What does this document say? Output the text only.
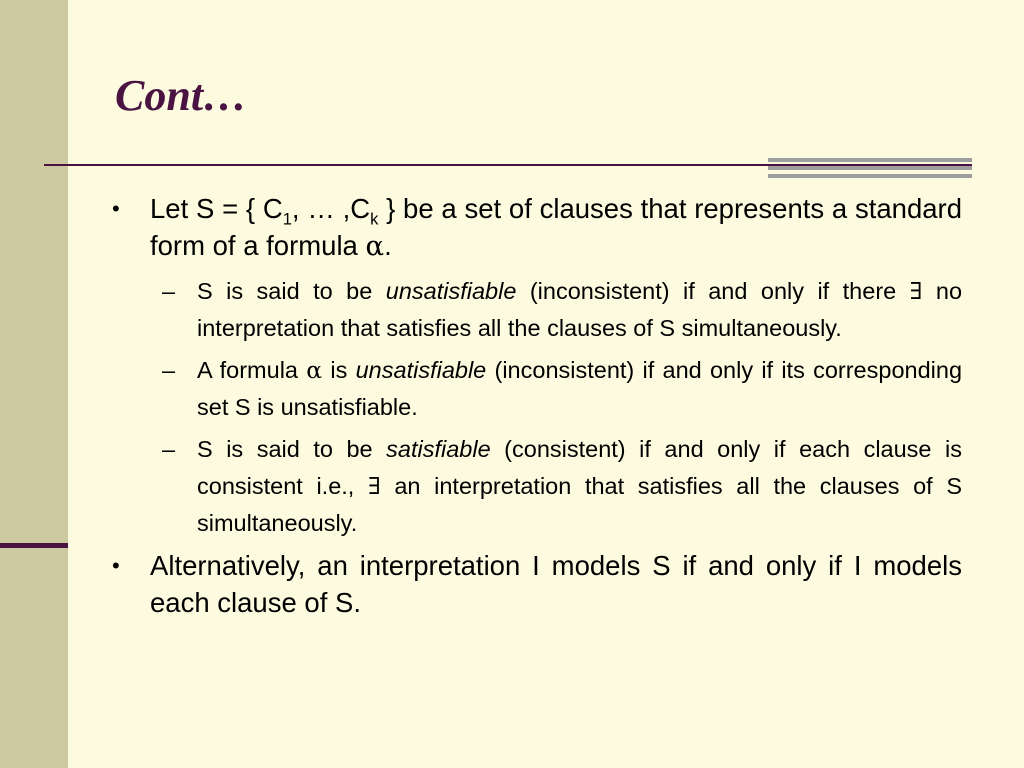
Cont…
• Let S = { $C_1$, … $,C_k$ } be a set of clauses that represents a standard form of a formula α.
– S is said to be unsatisfiable (inconsistent) if and only if there ∃ no interpretation that satisfies all the clauses of S simultaneously.
– A formula α is unsatisfiable (inconsistent) if and only if its corresponding set S is unsatisfiable.
– S is said to be satisfiable (consistent) if and only if each clause is consistent i.e., ∃ an interpretation that satisfies all the clauses of S simultaneously.
• Alternatively, an interpretation I models S if and only if I models each clause of S.
